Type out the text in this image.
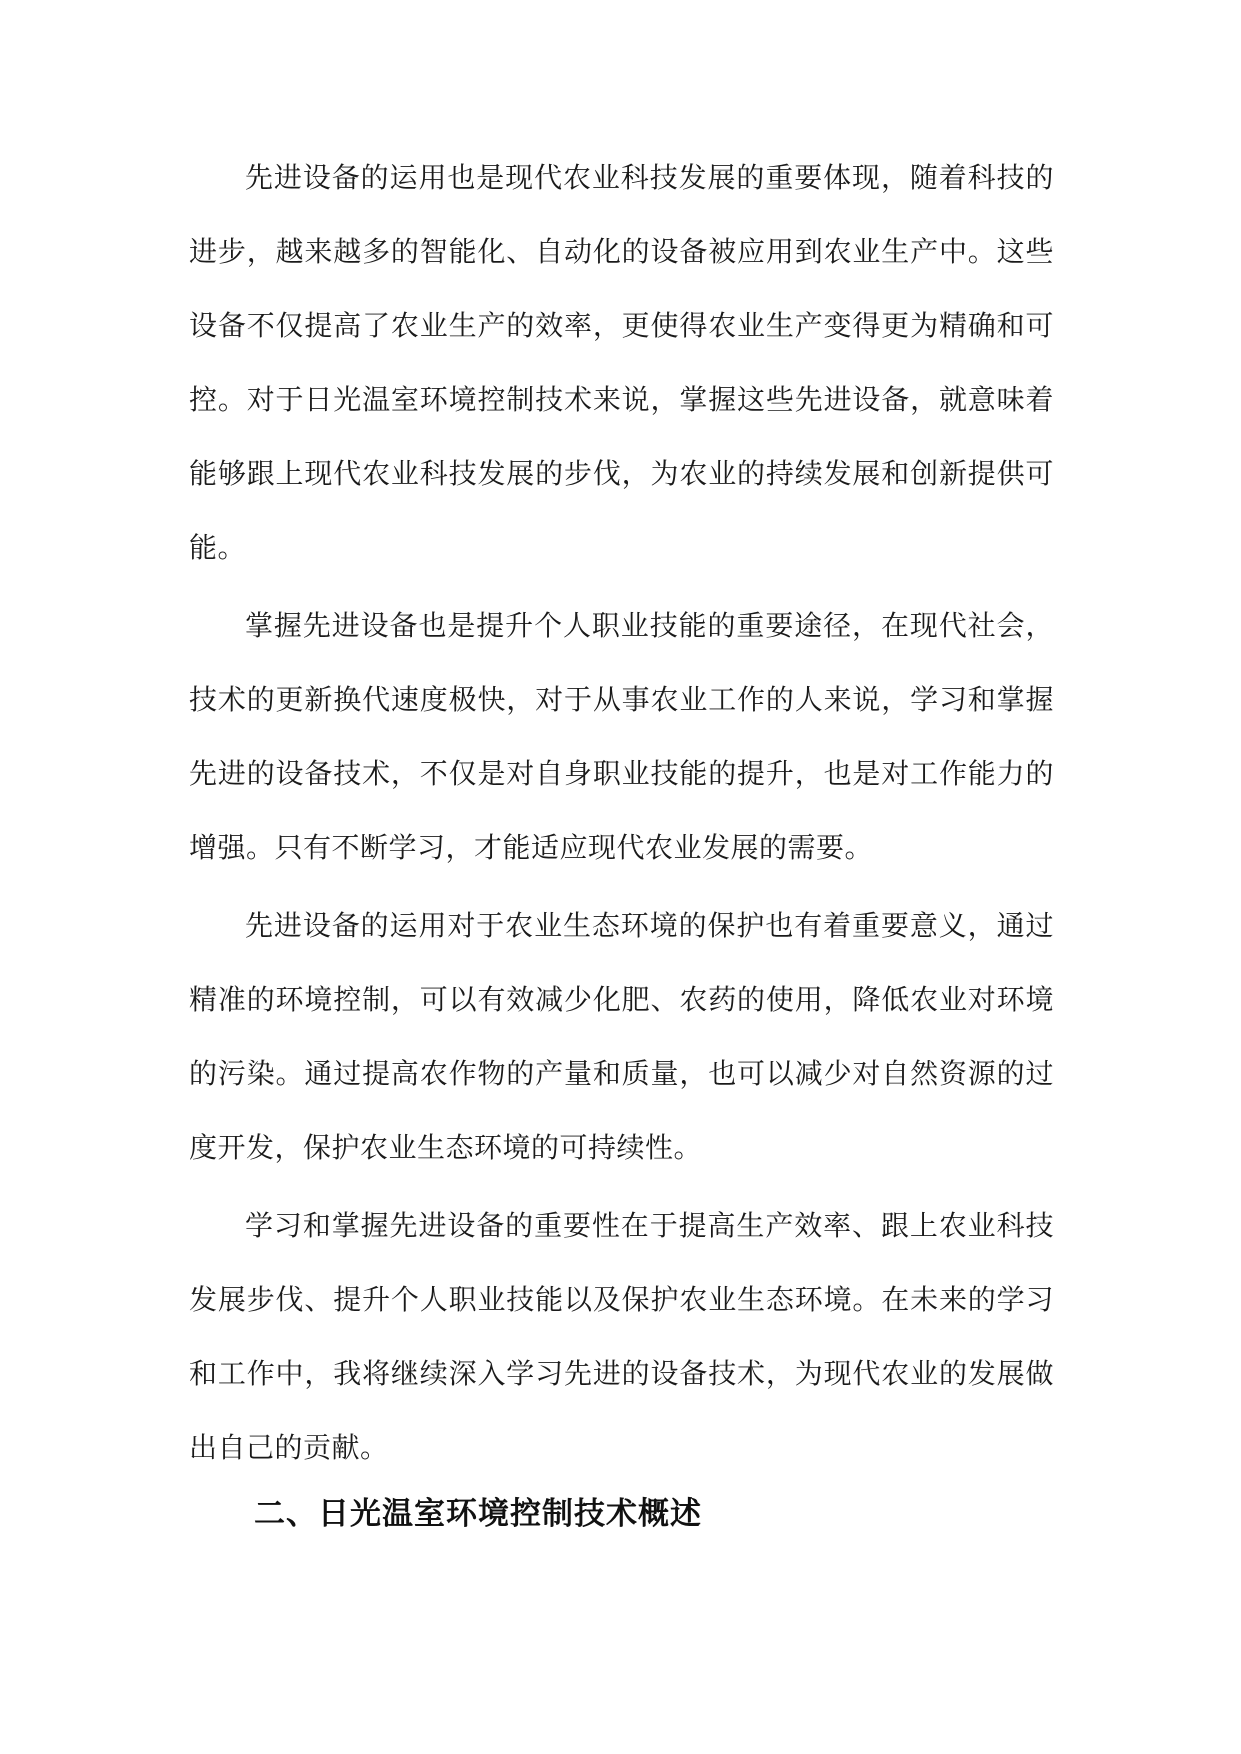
先进设备的运用也是现代农业科技发展的重要体现，随着科技的进步，越来越多的智能化、自动化的设备被应用到农业生产中。这些设备不仅提高了农业生产的效率，更使得农业生产变得更为精确和可控。对于日光温室环境控制技术来说，掌握这些先进设备，就意味着能够跟上现代农业科技发展的步伐，为农业的持续发展和创新提供可能。

掌握先进设备也是提升个人职业技能的重要途径，在现代社会，技术的更新换代速度极快，对于从事农业工作的人来说，学习和掌握先进的设备技术，不仅是对自身职业技能的提升，也是对工作能力的增强。只有不断学习，才能适应现代农业发展的需要。

先进设备的运用对于农业生态环境的保护也有着重要意义，通过精准的环境控制，可以有效减少化肥、农药的使用，降低农业对环境的污染。通过提高农作物的产量和质量，也可以减少对自然资源的过度开发，保护农业生态环境的可持续性。

学习和掌握先进设备的重要性在于提高生产效率、跟上农业科技发展步伐、提升个人职业技能以及保护农业生态环境。在未来的学习和工作中，我将继续深入学习先进的设备技术，为现代农业的发展做出自己的贡献。

二、日光温室环境控制技术概述
